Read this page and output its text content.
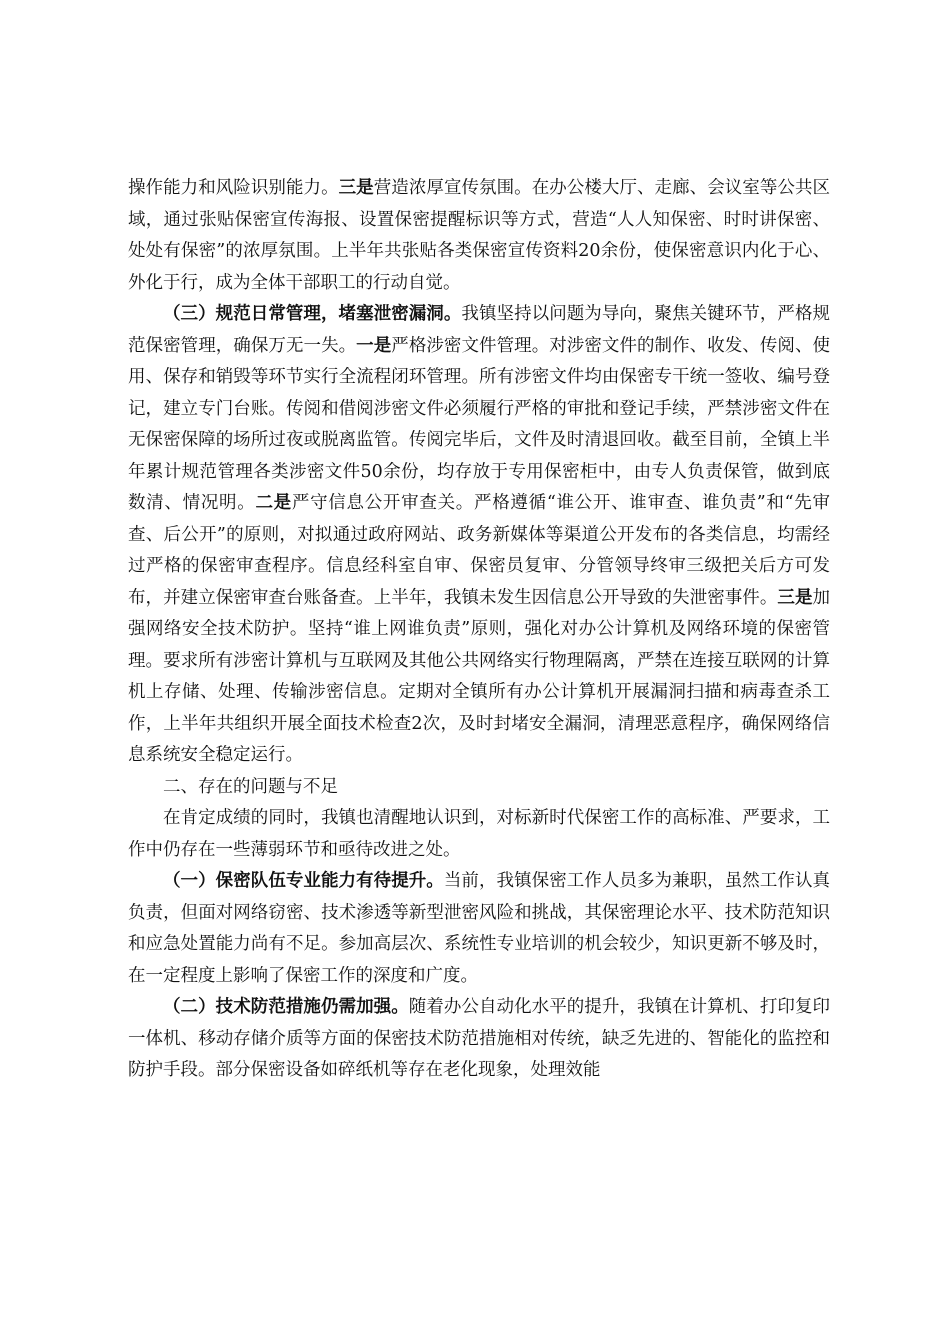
操作能力和风险识别能力。三是营造浓厚宣传氛围。在办公楼大厅、走廊、会议室等公共区域，通过张贴保密宣传海报、设置保密提醒标识等方式，营造“人人知保密、时时讲保密、处处有保密”的浓厚氛围。上半年共张贴各类保密宣传资料20余份，使保密意识内化于心、外化于行，成为全体干部职工的行动自觉。

（三）规范日常管理，堵塞泄密漏洞。我镇坚持以问题为导向，聚焦关键环节，严格规范保密管理，确保万无一失。一是严格涉密文件管理。对涉密文件的制作、收发、传阅、使用、保存和销毁等环节实行全流程闭环管理。所有涉密文件均由保密专干统一签收、编号登记，建立专门台账。传阅和借阅涉密文件必须履行严格的审批和登记手续，严禁涉密文件在无保密保障的场所过夜或脱离监管。传阅完毕后，文件及时清退回收。截至目前，全镇上半年累计规范管理各类涉密文件50余份，均存放于专用保密柜中，由专人负责保管，做到底数清、情况明。二是严守信息公开审查关。严格遵循“谁公开、谁审查、谁负责”和“先审查、后公开”的原则，对拟通过政府网站、政务新媒体等渠道公开发布的各类信息，均需经过严格的保密审查程序。信息经科室自审、保密员复审、分管领导终审三级把关后方可发布，并建立保密审查台账备查。上半年，我镇未发生因信息公开导致的失泄密事件。三是加强网络安全技术防护。坚持“谁上网谁负责”原则，强化对办公计算机及网络环境的保密管理。要求所有涉密计算机与互联网及其他公共网络实行物理隔离，严禁在连接互联网的计算机上存储、处理、传输涉密信息。定期对全镇所有办公计算机开展漏洞扫描和病毒查杀工作，上半年共组织开展全面技术检查2次，及时封堵安全漏洞，清理恶意程序，确保网络信息系统安全稳定运行。

二、存在的问题与不足

在肯定成绩的同时，我镇也清醒地认识到，对标新时代保密工作的高标准、严要求，工作中仍存在一些薄弱环节和亟待改进之处。

（一）保密队伍专业能力有待提升。当前，我镇保密工作人员多为兼职，虽然工作认真负责，但面对网络窃密、技术渗透等新型泄密风险和挑战，其保密理论水平、技术防范知识和应急处置能力尚有不足。参加高层次、系统性专业培训的机会较少，知识更新不够及时，在一定程度上影响了保密工作的深度和广度。

（二）技术防范措施仍需加强。随着办公自动化水平的提升，我镇在计算机、打印复印一体机、移动存储介质等方面的保密技术防范措施相对传统，缺乏先进的、智能化的监控和防护手段。部分保密设备如碎纸机等存在老化现象，处理效能
